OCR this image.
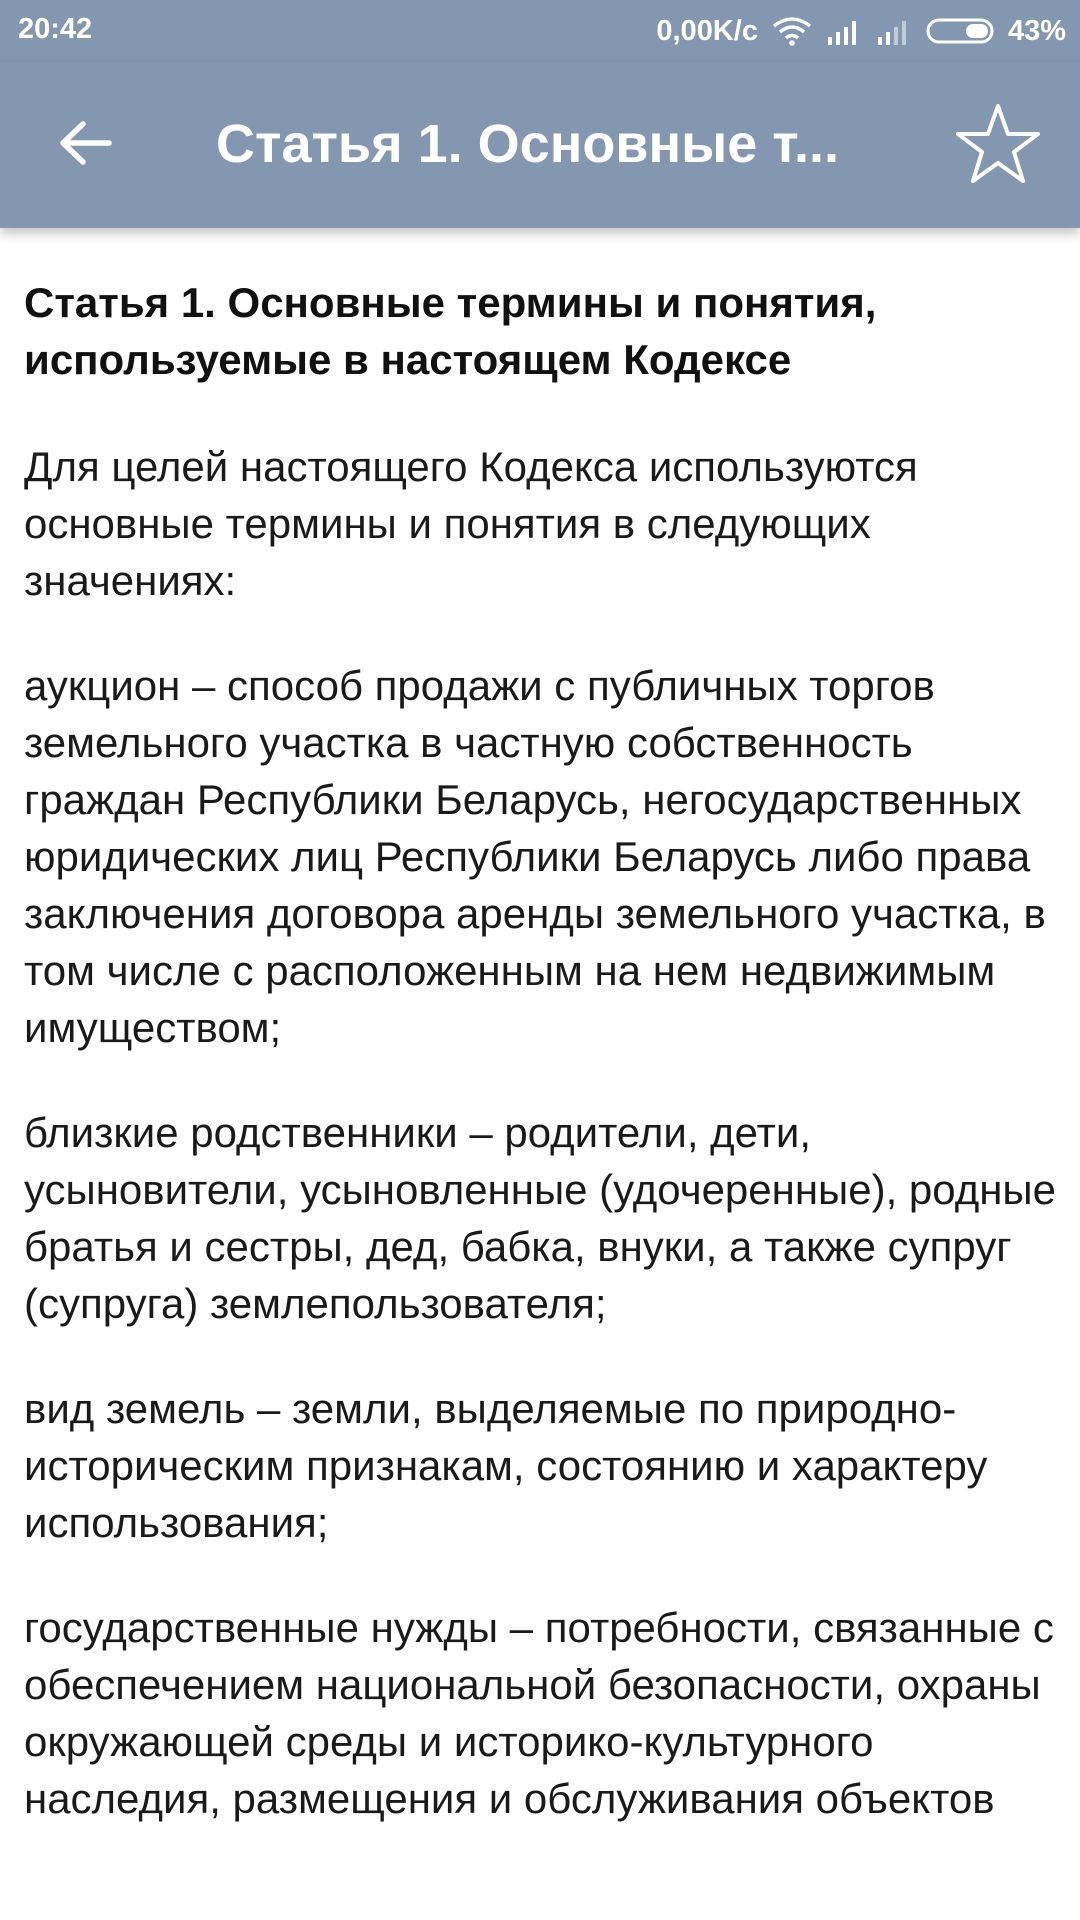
20:42	0,00K/c	43%
Статья 1. Основные т...
Статья 1. Основные термины и понятия, используемые в настоящем Кодексе
Для целей настоящего Кодекса используются основные термины и понятия в следующих значениях:
аукцион – способ продажи с публичных торгов земельного участка в частную собственность граждан Республики Беларусь, негосударственных юридических лиц Республики Беларусь либо права заключения договора аренды земельного участка, в том числе с расположенным на нем недвижимым имуществом;
близкие родственники – родители, дети, усыновители, усыновленные (удочеренные), родные братья и сестры, дед, бабка, внуки, а также супруг (супруга) землепользователя;
вид земель – земли, выделяемые по природно-историческим признакам, состоянию и характеру использования;
государственные нужды – потребности, связанные с обеспечением национальной безопасности, охраны окружающей среды и историко-культурного наследия, размещения и обслуживания объектов
